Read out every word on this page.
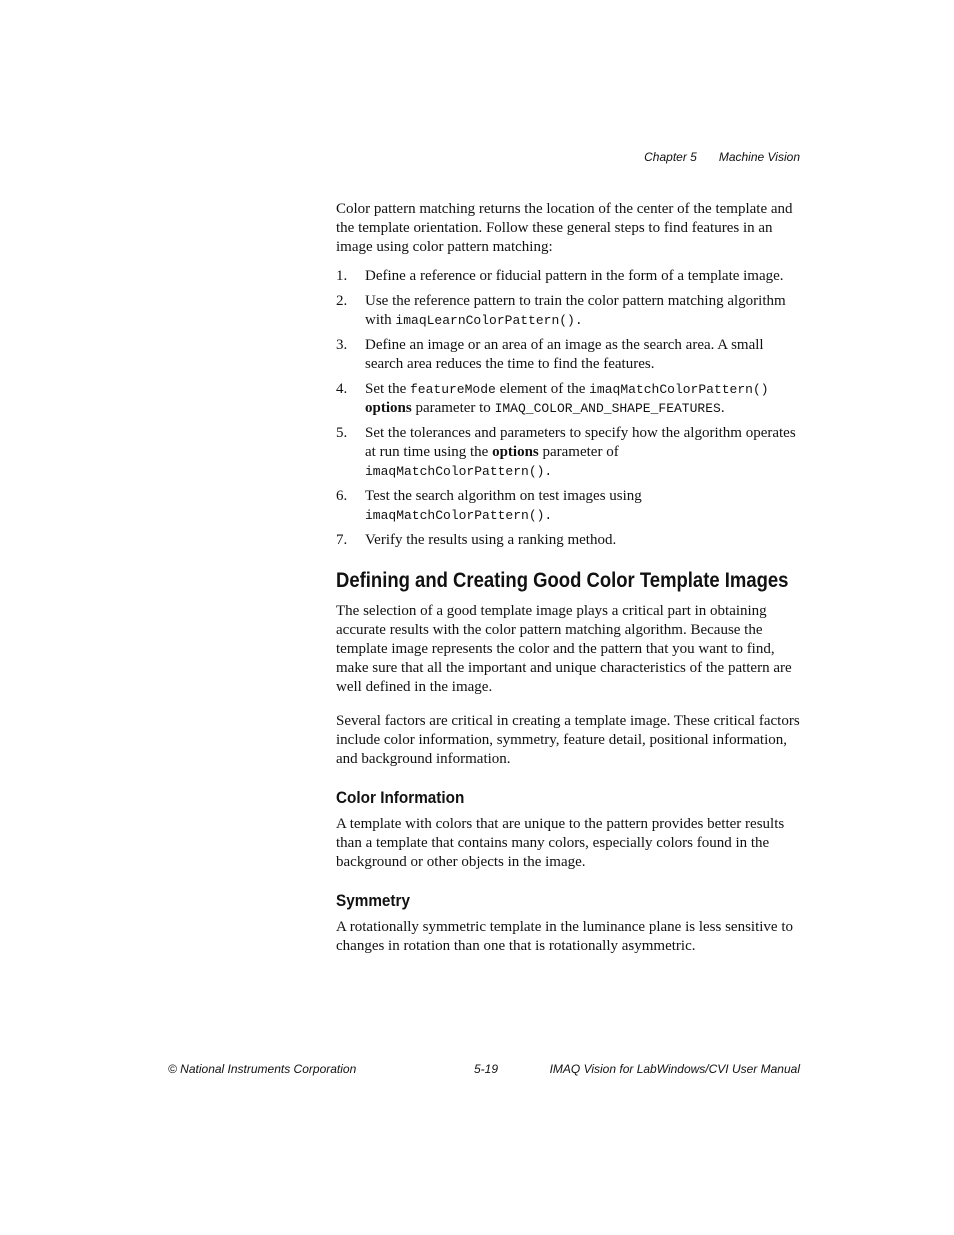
Chapter 5 Machine Vision

Color pattern matching returns the location of the center of the template and the template orientation. Follow these general steps to find features in an image using color pattern matching:

1. Define a reference or fiducial pattern in the form of a template image.
2. Use the reference pattern to train the color pattern matching algorithm with imaqLearnColorPattern().
3. Define an image or an area of an image as the search area. A small search area reduces the time to find the features.
4. Set the featureMode element of the imaqMatchColorPattern() options parameter to IMAQ_COLOR_AND_SHAPE_FEATURES.
5. Set the tolerances and parameters to specify how the algorithm operates at run time using the options parameter of
imaqMatchColorPattern().
6. Test the search algorithm on test images using
imaqMatchColorPattern().
7. Verify the results using a ranking method.
Defining and Creating Good Color Template Images

The selection of a good template image plays a critical part in obtaining accurate results with the color pattern matching algorithm. Because the template image represents the color and the pattern that you want to find, make sure that all the important and unique characteristics of the pattern are well defined in the image.

Several factors are critical in creating a template image. These critical factors include color information, symmetry, feature detail, positional information, and background information.

Color Information

A template with colors that are unique to the pattern provides better results than a template that contains many colors, especially colors found in the background or other objects in the image.

Symmetry

A rotationally symmetric template in the luminance plane is less sensitive to changes in rotation than one that is rotationally asymmetric.

© National Instruments Corporation	5-19	IMAQ Vision for LabWindows/CVI User Manual
